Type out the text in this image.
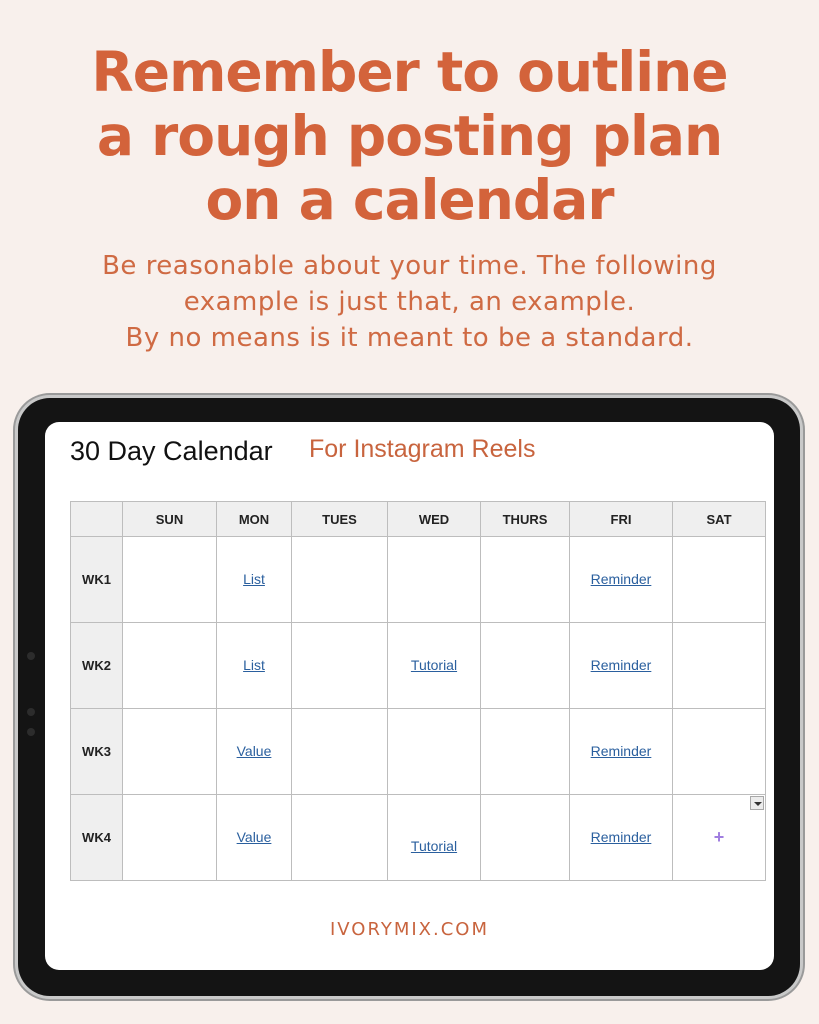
Remember to outline
a rough posting plan
on a calendar
Be reasonable about your time. The following
example is just that, an example.
By no means is it meant to be a standard.
30 Day Calendar For Instagram Reels
	SUN	MON	TUES	WED	THURS	FRI	SAT
WK1		List				Reminder	
WK2		List		Tutorial		Reminder	
WK3		Value				Reminder	
WK4		Value		Tutorial		Reminder	+
IVORYMIX.COM
